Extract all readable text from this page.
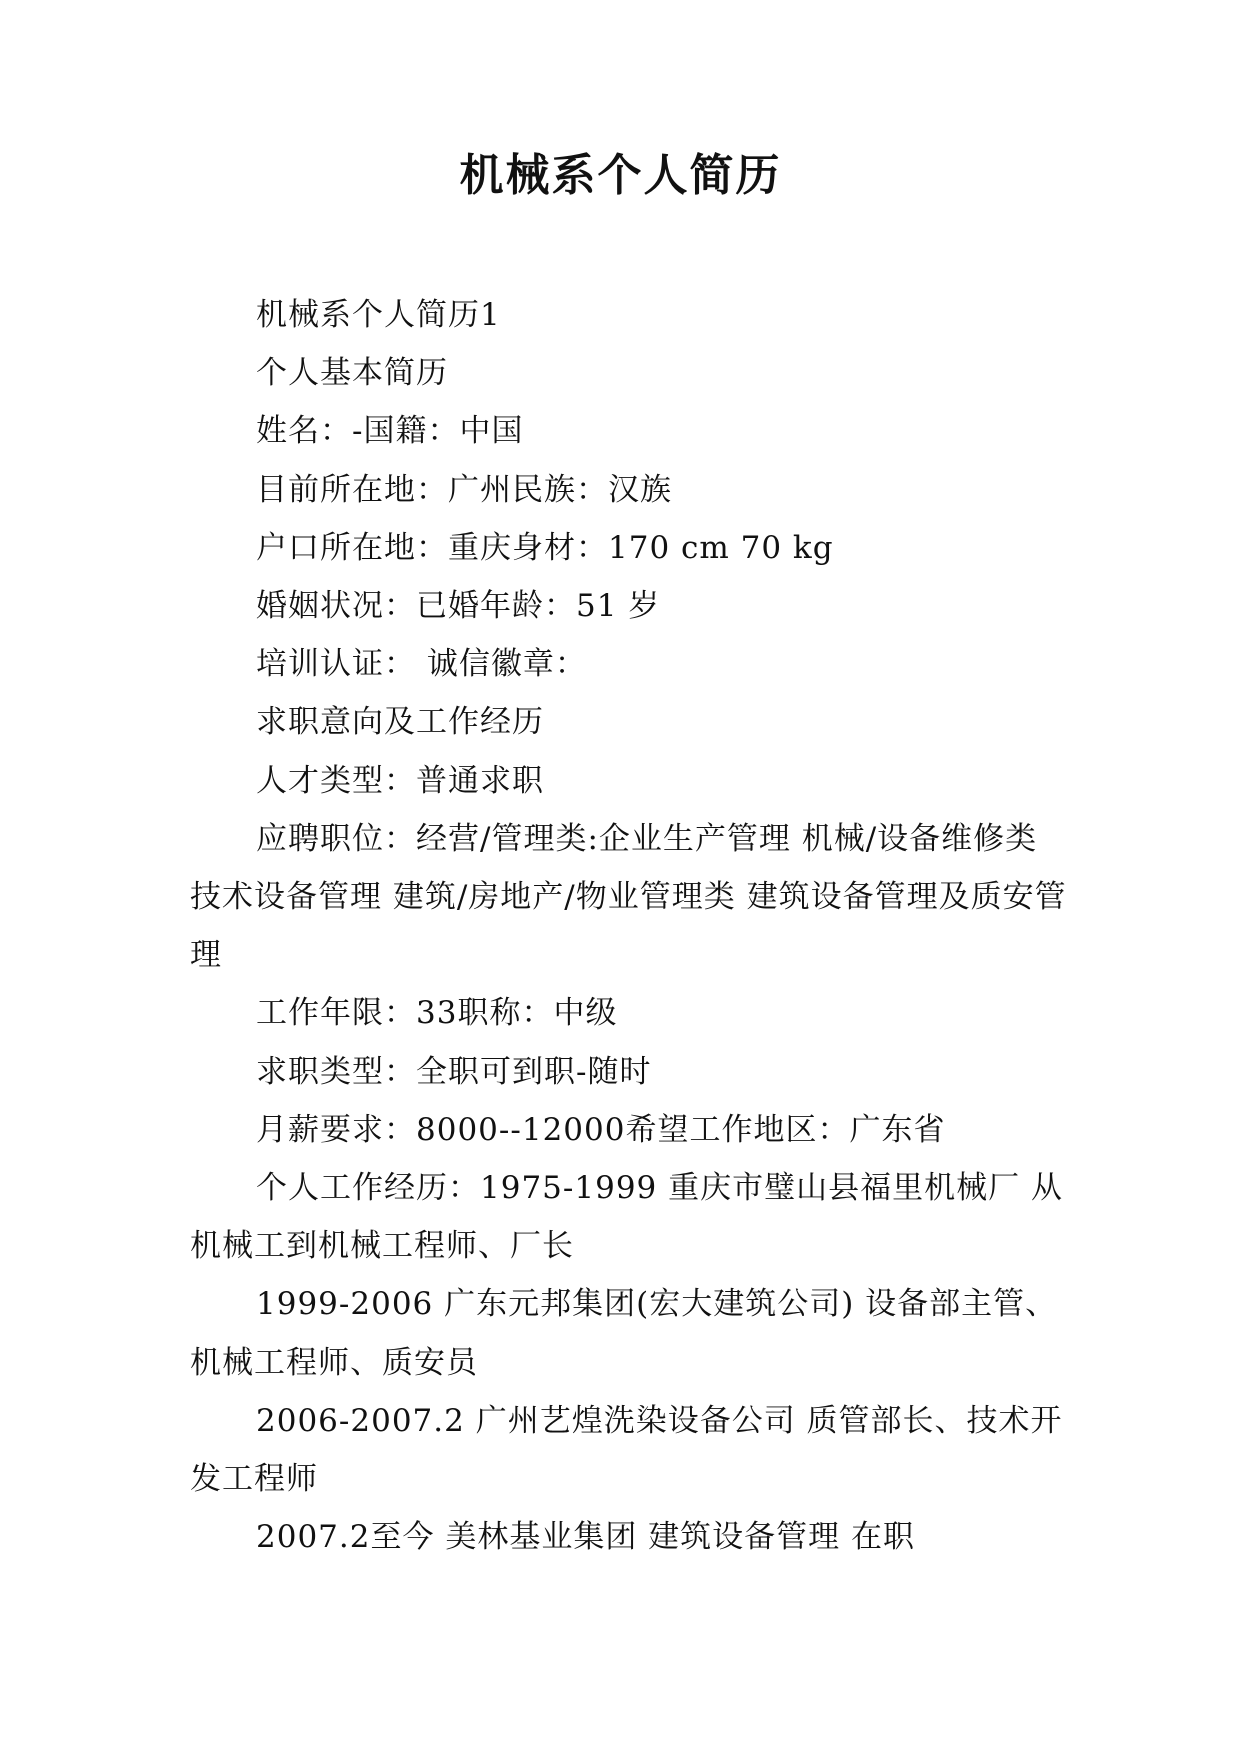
机械系个人简历

机械系个人简历1

个人基本简历

姓名：-国籍：中国

目前所在地：广州民族：汉族

户口所在地：重庆身材：170 cm 70 kg

婚姻状况：已婚年龄：51 岁

培训认证： 诚信徽章：

求职意向及工作经历

人才类型：普通求职

应聘职位：经营/管理类:企业生产管理 机械/设备维修类 技术设备管理 建筑/房地产/物业管理类 建筑设备管理及质安管理

工作年限：33职称：中级

求职类型：全职可到职-随时

月薪要求：8000--12000希望工作地区：广东省

个人工作经历：1975-1999 重庆市璧山县福里机械厂 从机械工到机械工程师、厂长

1999-2006 广东元邦集团(宏大建筑公司) 设备部主管、机械工程师、质安员

2006-2007.2 广州艺煌洗染设备公司 质管部长、技术开发工程师

2007.2至今 美林基业集团 建筑设备管理 在职
